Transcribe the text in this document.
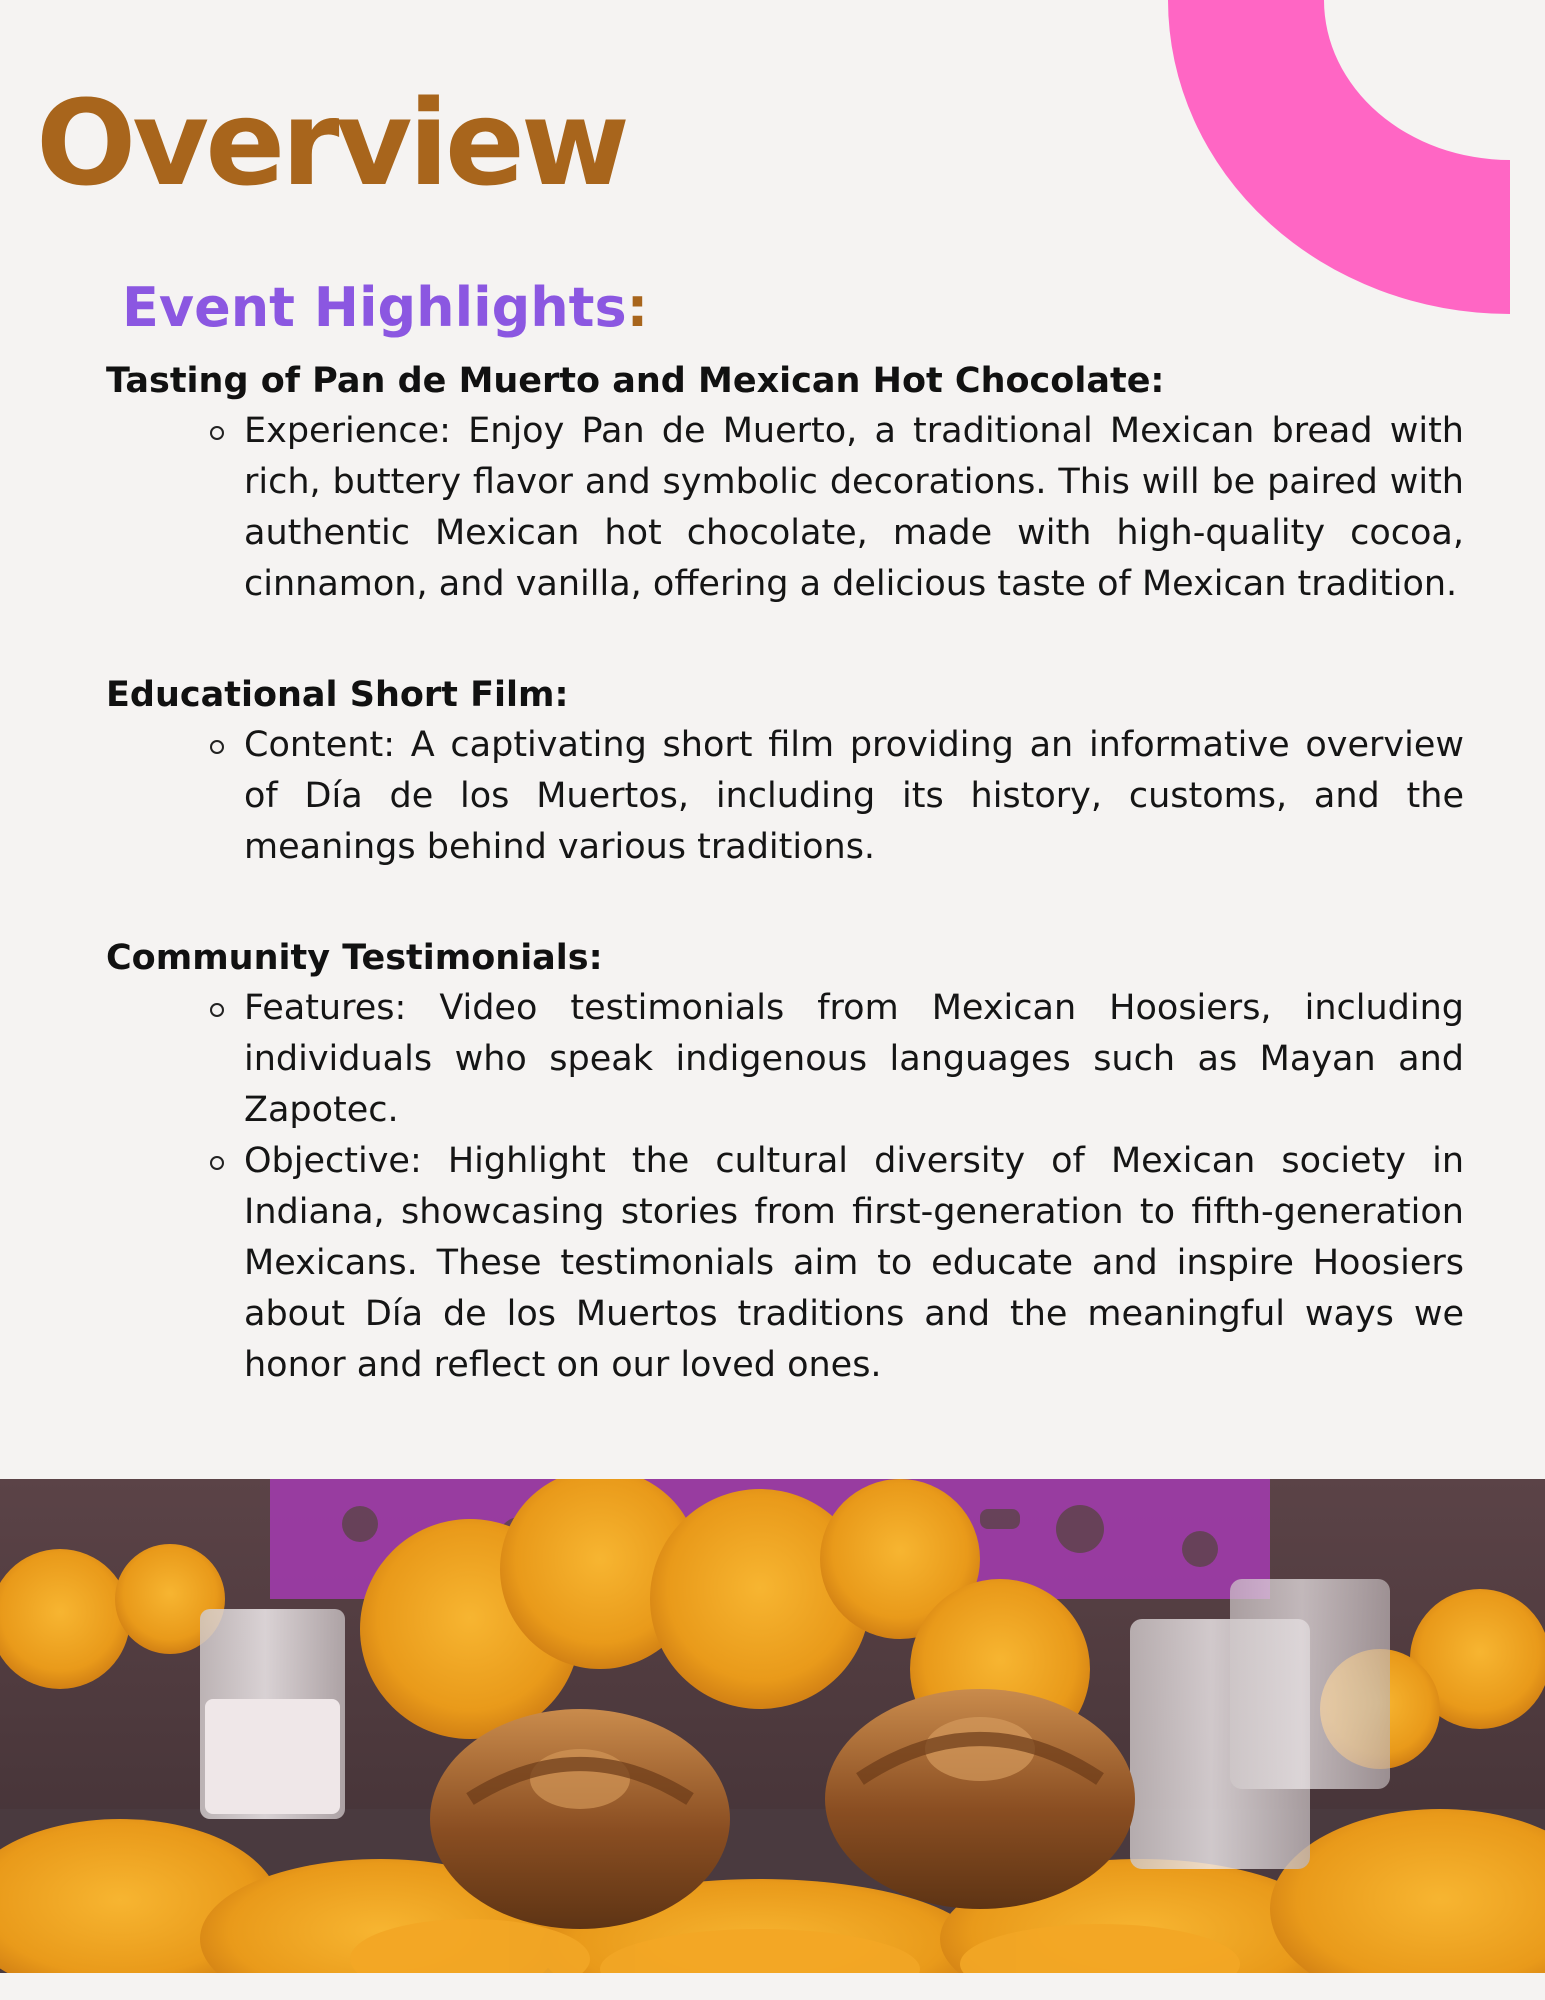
Overview
Event Highlights:
Tasting of Pan de Muerto and Mexican Hot Chocolate:
Experience: Enjoy Pan de Muerto, a traditional Mexican bread with rich, buttery flavor and symbolic decorations. This will be paired with authentic Mexican hot chocolate, made with high-quality cocoa, cinnamon, and vanilla, offering a delicious taste of Mexican tradition.
Educational Short Film:
Content: A captivating short film providing an informative overview of Día de los Muertos, including its history, customs, and the meanings behind various traditions.
Community Testimonials:
Features: Video testimonials from Mexican Hoosiers, including individuals who speak indigenous languages such as Mayan and Zapotec.
Objective: Highlight the cultural diversity of Mexican society in Indiana, showcasing stories from first-generation to fifth-generation Mexicans. These testimonials aim to educate and inspire Hoosiers about Día de los Muertos traditions and the meaningful ways we honor and reflect on our loved ones.
